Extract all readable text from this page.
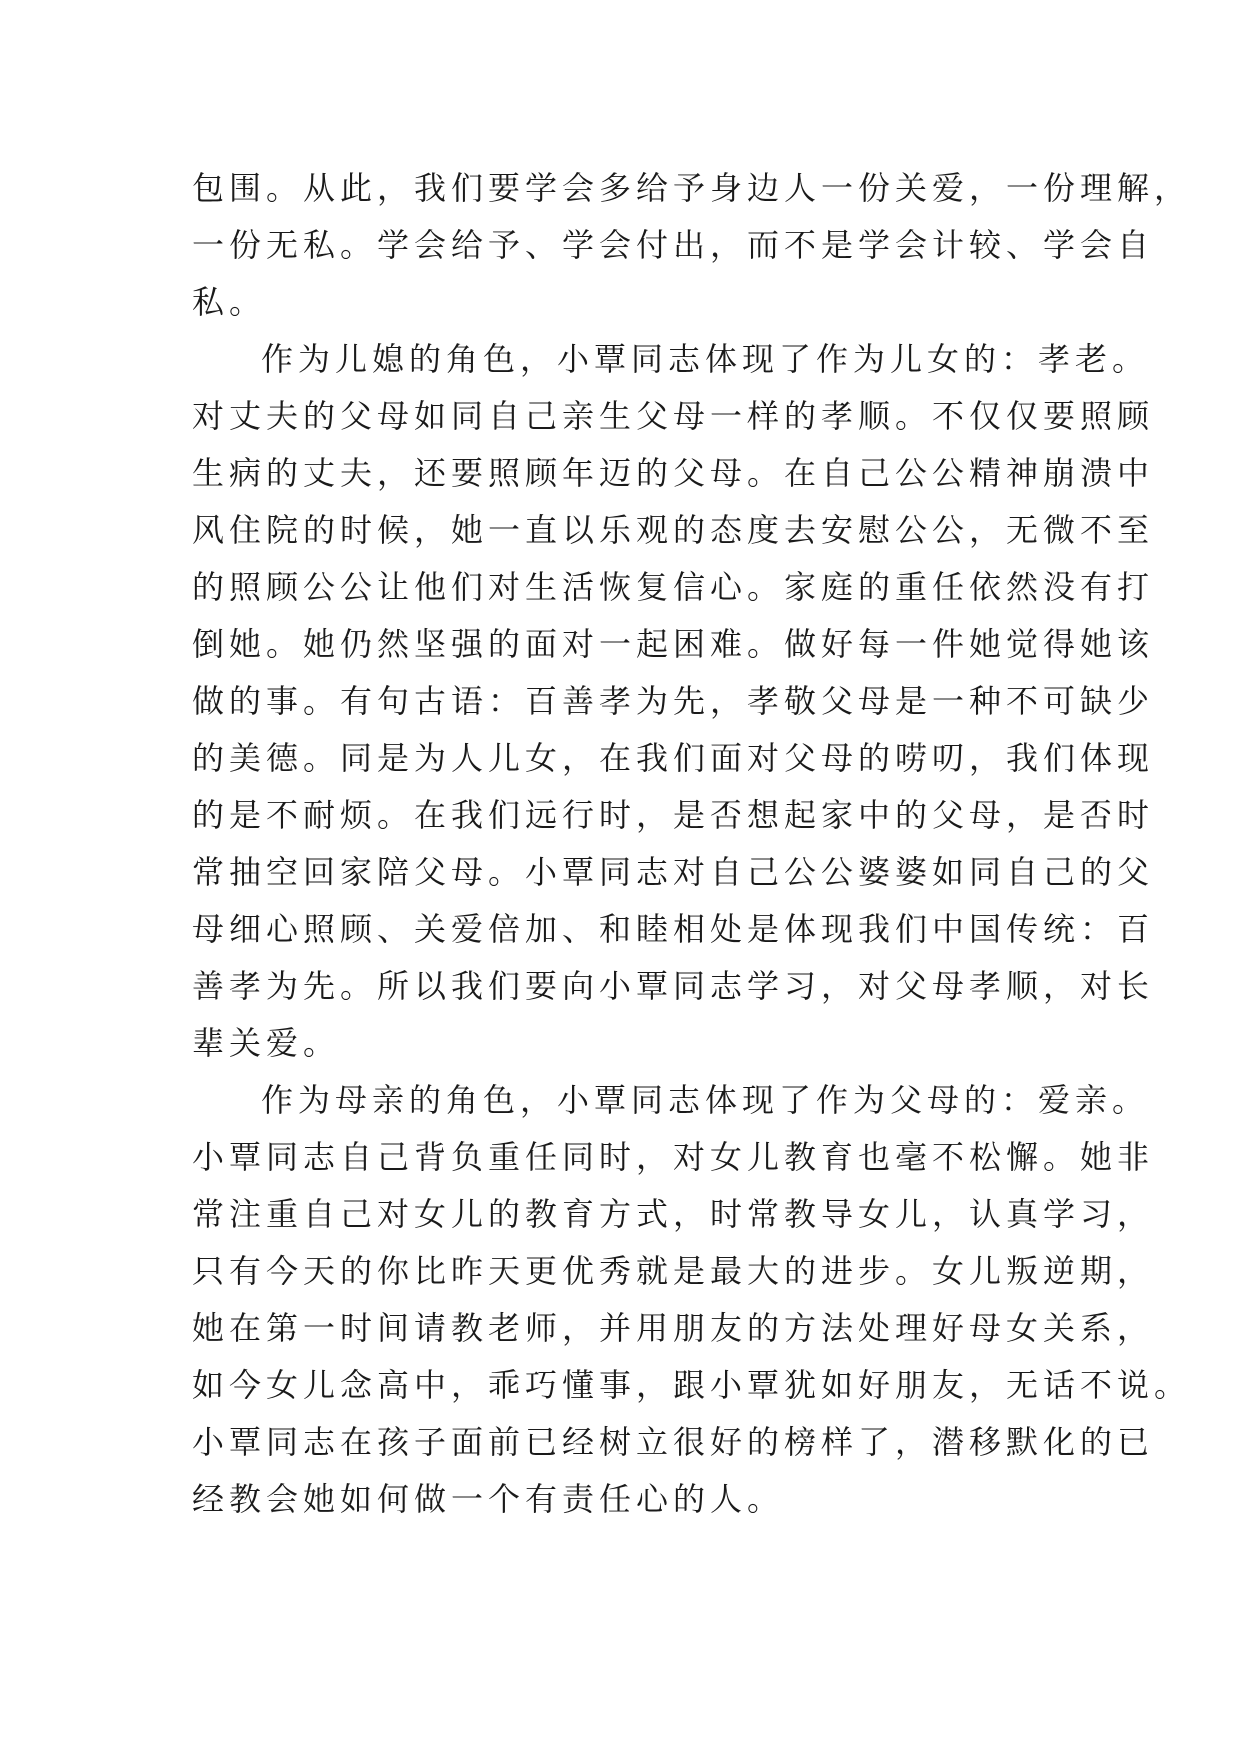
包围。从此，我们要学会多给予身边人一份关爱，一份理解，
一份无私。学会给予、学会付出，而不是学会计较、学会自
私。
作为儿媳的角色，小覃同志体现了作为儿女的：孝老。
对丈夫的父母如同自己亲生父母一样的孝顺。不仅仅要照顾
生病的丈夫，还要照顾年迈的父母。在自己公公精神崩溃中
风住院的时候，她一直以乐观的态度去安慰公公，无微不至
的照顾公公让他们对生活恢复信心。家庭的重任依然没有打
倒她。她仍然坚强的面对一起困难。做好每一件她觉得她该
做的事。有句古语：百善孝为先，孝敬父母是一种不可缺少
的美德。同是为人儿女，在我们面对父母的唠叨，我们体现
的是不耐烦。在我们远行时，是否想起家中的父母，是否时
常抽空回家陪父母。小覃同志对自己公公婆婆如同自己的父
母细心照顾、关爱倍加、和睦相处是体现我们中国传统：百
善孝为先。所以我们要向小覃同志学习，对父母孝顺，对长
辈关爱。
作为母亲的角色，小覃同志体现了作为父母的：爱亲。
小覃同志自己背负重任同时，对女儿教育也毫不松懈。她非
常注重自己对女儿的教育方式，时常教导女儿，认真学习，
只有今天的你比昨天更优秀就是最大的进步。女儿叛逆期，
她在第一时间请教老师，并用朋友的方法处理好母女关系，
如今女儿念高中，乖巧懂事，跟小覃犹如好朋友，无话不说。
小覃同志在孩子面前已经树立很好的榜样了，潜移默化的已
经教会她如何做一个有责任心的人。
